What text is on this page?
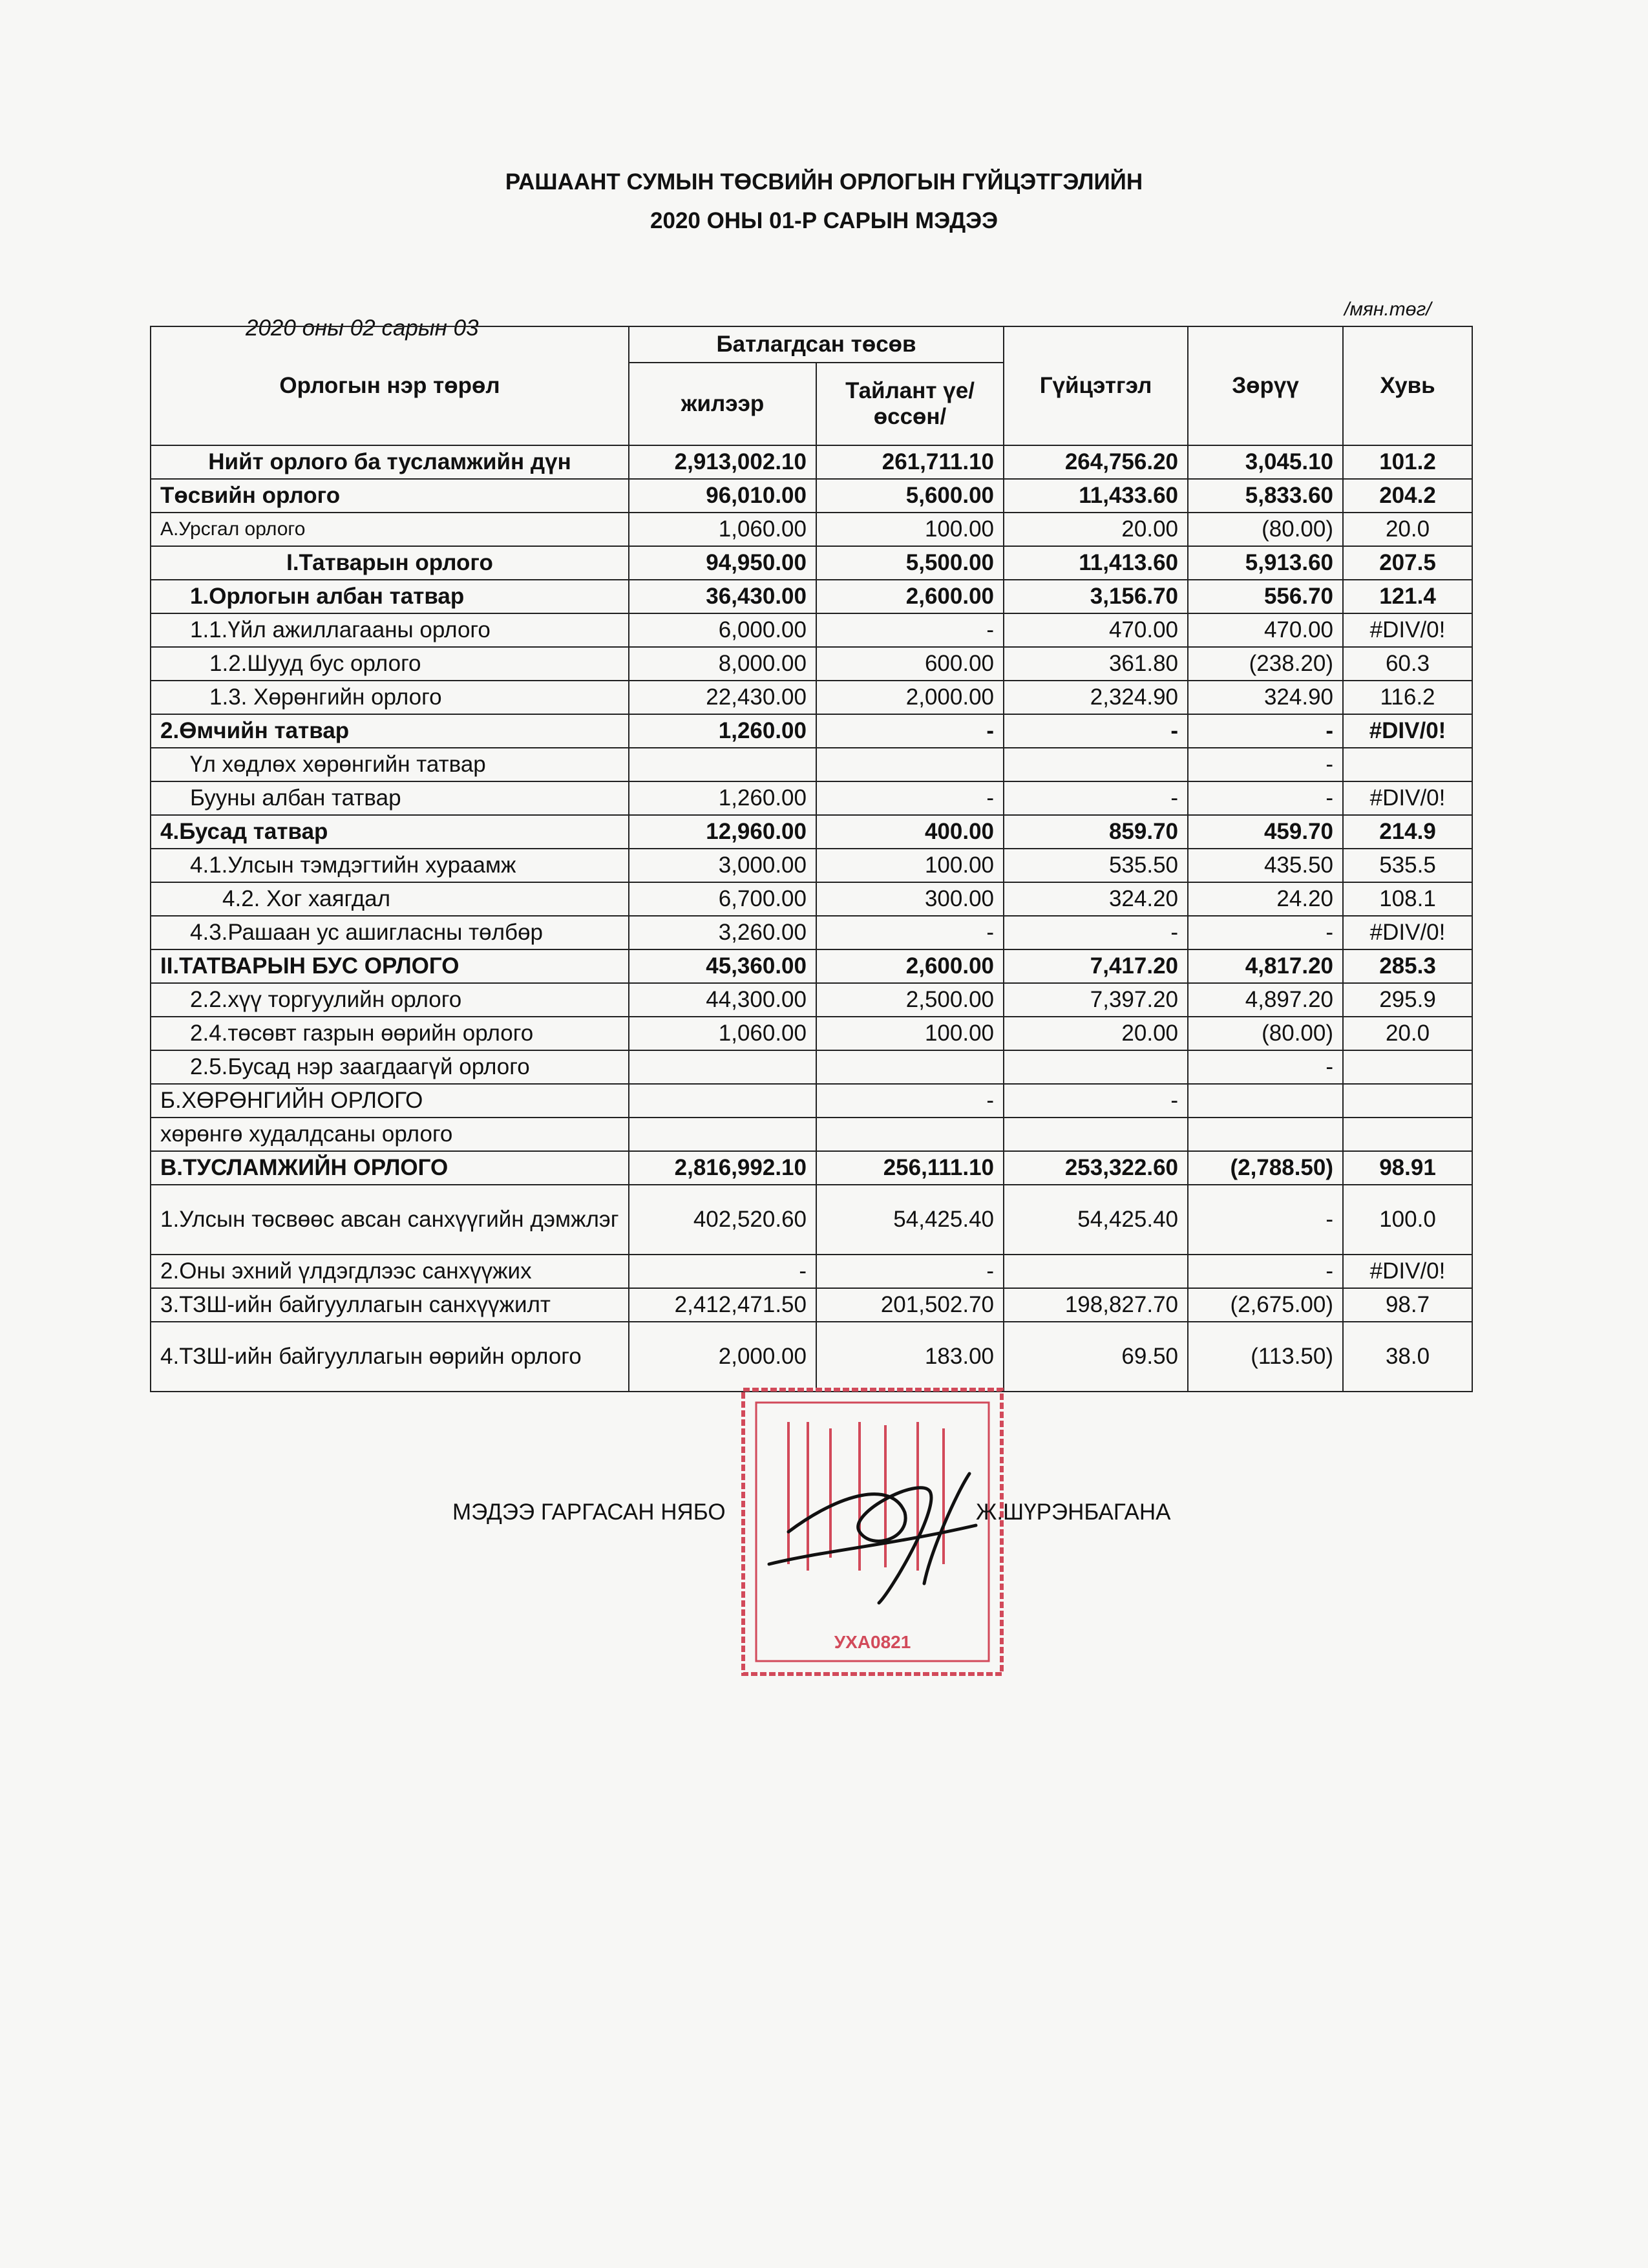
РАШААНТ СУМЫН ТӨСВИЙН ОРЛОГЫН ГҮЙЦЭТГЭЛИЙН
2020 ОНЫ 01-Р САРЫН МЭДЭЭ
2020 оны 02 сарын 03
/мян.төг/
Орлогын нэр төрөл	Батлагдсан төсөв		Гүйцэтгэл	Зөрүү	Хувь
	жилээр	Тайлант үе/өссөн/			
Нийт орлого ба тусламжийн дүн	2,913,002.10	261,711.10	264,756.20	3,045.10	101.2
Төсвийн орлого	96,010.00	5,600.00	11,433.60	5,833.60	204.2
А.Урсгал орлого	1,060.00	100.00	20.00	(80.00)	20.0
I.Татварын орлого	94,950.00	5,500.00	11,413.60	5,913.60	207.5
1.Орлогын албан татвар	36,430.00	2,600.00	3,156.70	556.70	121.4
1.1.Үйл ажиллагааны орлого	6,000.00	-	470.00	470.00	#DIV/0!
1.2.Шууд бус орлого	8,000.00	600.00	361.80	(238.20)	60.3
1.3. Хөрөнгийн орлого	22,430.00	2,000.00	2,324.90	324.90	116.2
2.Өмчийн татвар	1,260.00	-	-	-	#DIV/0!
Үл хөдлөх хөрөнгийн татвар				-	
Бууны албан татвар	1,260.00	-	-	-	#DIV/0!
4.Бусад татвар	12,960.00	400.00	859.70	459.70	214.9
4.1.Улсын тэмдэгтийн хураамж	3,000.00	100.00	535.50	435.50	535.5
4.2. Хог хаягдал	6,700.00	300.00	324.20	24.20	108.1
4.3.Рашаан ус ашигласны төлбөр	3,260.00	-	-	-	#DIV/0!
II.ТАТВАРЫН БУС ОРЛОГО	45,360.00	2,600.00	7,417.20	4,817.20	285.3
2.2.хүү торгуулийн орлого	44,300.00	2,500.00	7,397.20	4,897.20	295.9
2.4.төсөвт газрын өөрийн орлого	1,060.00	100.00	20.00	(80.00)	20.0
2.5.Бусад нэр заагдаагүй орлого				-	
Б.ХӨРӨНГИЙН ОРЛОГО		-	-		
хөрөнгө худалдсаны орлого					
В.ТУСЛАМЖИЙН ОРЛОГО	2,816,992.10	256,111.10	253,322.60	(2,788.50)	98.91
1.Улсын төсвөөс авсан санхүүгийн дэмжлэг	402,520.60	54,425.40	54,425.40	-	100.0
2.Оны эхний үлдэгдлээс санхүүжих	-	-		-	#DIV/0!
3.ТЗШ-ийн байгууллагын санхүүжилт	2,412,471.50	201,502.70	198,827.70	(2,675.00)	98.7
4.ТЗШ-ийн байгууллагын өөрийн орлого	2,000.00	183.00	69.50	(113.50)	38.0
УХА0821
МЭДЭЭ ГАРГАСАН НЯБО	Ж.ШҮРЭНБАГАНА
